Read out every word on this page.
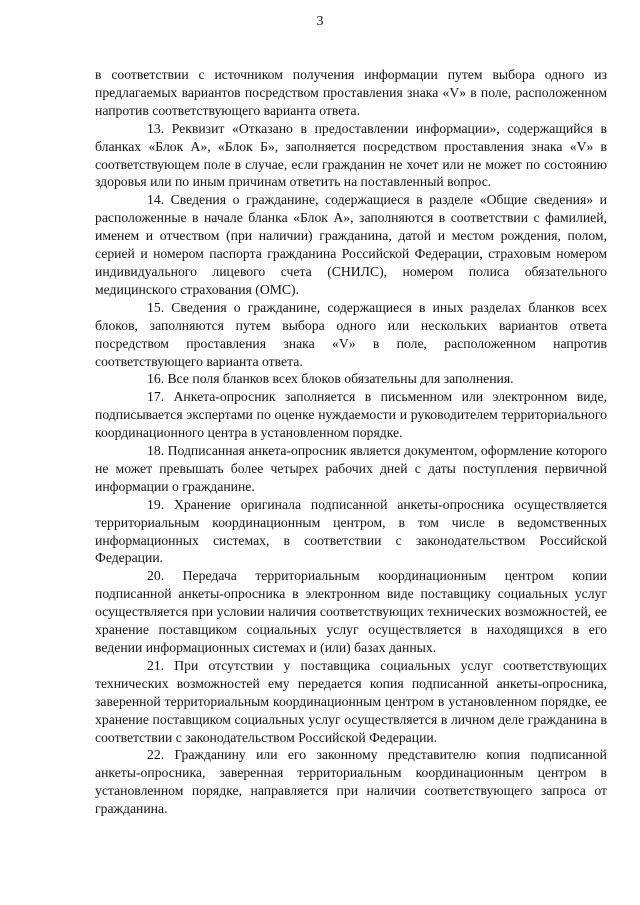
3

в соответствии с источником получения информации путем выбора одного из предлагаемых вариантов посредством проставления знака «V» в поле, расположенном напротив соответствующего варианта ответа.

13. Реквизит «Отказано в предоставлении информации», содержащийся в бланках «Блок А», «Блок Б», заполняется посредством проставления знака «V» в соответствующем поле в случае, если гражданин не хочет или не может по состоянию здоровья или по иным причинам ответить на поставленный вопрос.

14. Сведения о гражданине, содержащиеся в разделе «Общие сведения» и расположенные в начале бланка «Блок А», заполняются в соответствии с фамилией, именем и отчеством (при наличии) гражданина, датой и местом рождения, полом, серией и номером паспорта гражданина Российской Федерации, страховым номером индивидуального лицевого счета (СНИЛС), номером полиса обязательного медицинского страхования (ОМС).

15. Сведения о гражданине, содержащиеся в иных разделах бланков всех блоков, заполняются путем выбора одного или нескольких вариантов ответа посредством проставления знака «V» в поле, расположенном напротив соответствующего варианта ответа.

16. Все поля бланков всех блоков обязательны для заполнения.

17. Анкета-опросник заполняется в письменном или электронном виде, подписывается экспертами по оценке нуждаемости и руководителем территориального координационного центра в установленном порядке.

18. Подписанная анкета-опросник является документом, оформление которого не может превышать более четырех рабочих дней с даты поступления первичной информации о гражданине.

19. Хранение оригинала подписанной анкеты-опросника осуществляется территориальным координационным центром, в том числе в ведомственных информационных системах, в соответствии с законодательством Российской Федерации.

20. Передача территориальным координационным центром копии подписанной анкеты-опросника в электронном виде поставщику социальных услуг осуществляется при условии наличия соответствующих технических возможностей, ее хранение поставщиком социальных услуг осуществляется в находящихся в его ведении информационных системах и (или) базах данных.

21. При отсутствии у поставщика социальных услуг соответствующих технических возможностей ему передается копия подписанной анкеты-опросника, заверенной территориальным координационным центром в установленном порядке, ее хранение поставщиком социальных услуг осуществляется в личном деле гражданина в соответствии с законодательством Российской Федерации.

22. Гражданину или его законному представителю копия подписанной анкеты-опросника, заверенная территориальным координационным центром в установленном порядке, направляется при наличии соответствующего запроса от гражданина.
